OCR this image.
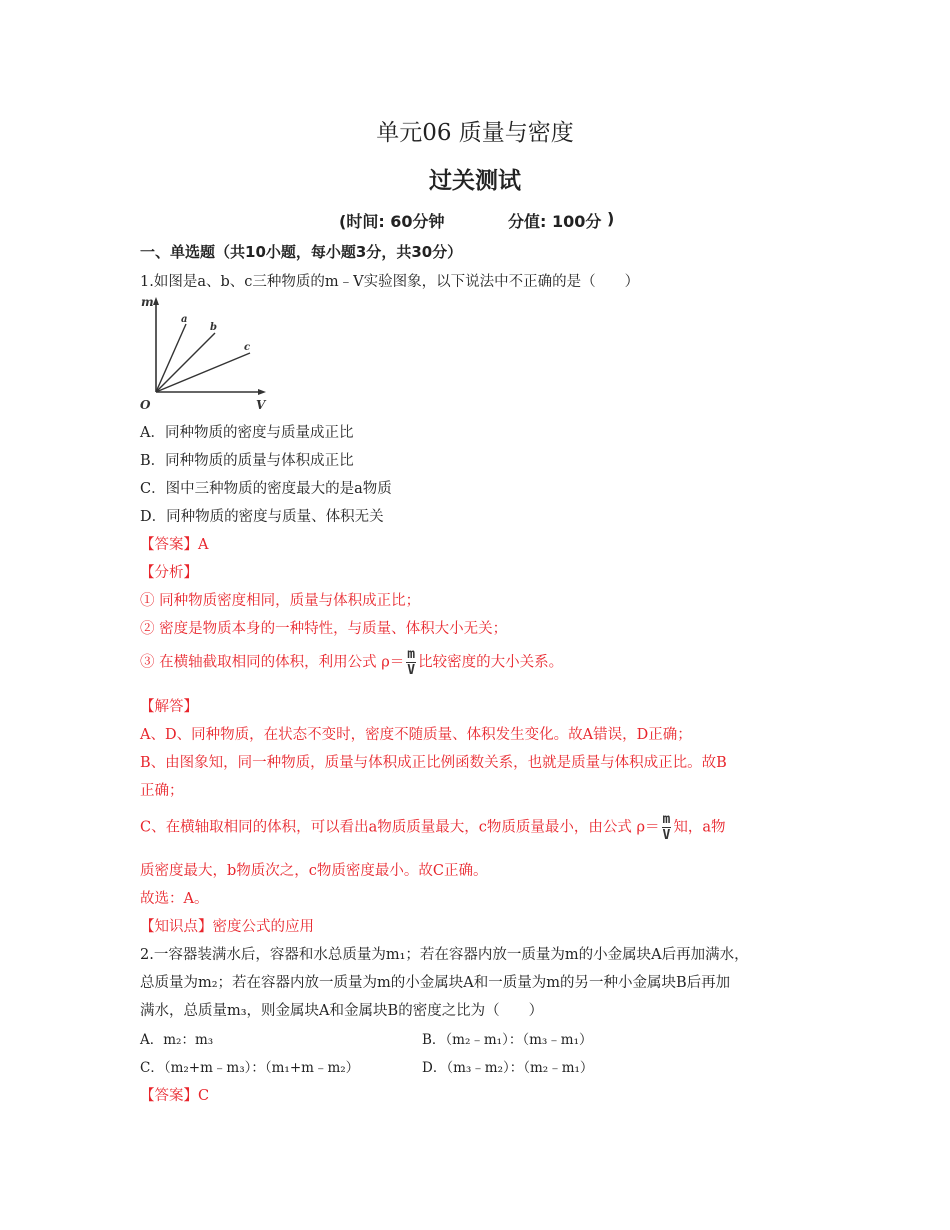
单元06 质量与密度
过关测试
(时间: 60分钟	分值: 100分 )
一、单选题（共10小题，每小题3分，共30分）
1.如图是a、b、c三种物质的m﹣V实验图象，以下说法中不正确的是（　　）
m
O	V
a
b
c
A．同种物质的密度与质量成正比
B．同种物质的质量与体积成正比
C．图中三种物质的密度最大的是a物质
D．同种物质的密度与质量、体积无关
【答案】A
【分析】
① 同种物质密度相同，质量与体积成正比；
② 密度是物质本身的一种特性，与质量、体积大小无关；
③ 在横轴截取相同的体积，利用公式 $\rho= \frac{m}{V}$ 比较密度的大小关系。
【解答】
A、D、同种物质，在状态不变时，密度不随质量、体积发生变化。故A错误，D正确；
B、由图象知，同一种物质，质量与体积成正比例函数关系，也就是质量与体积成正比。故B
正确；
C、在横轴取相同的体积，可以看出a物质质量最大，c物质质量最小，由公式 $\rho= \frac{m}{V}$ 知，a物
质密度最大，b物质次之，c物质密度最小。故C正确。
故选：A。
【知识点】密度公式的应用
2.一容器装满水后，容器和水总质量为m₁；若在容器内放一质量为m的小金属块A后再加满水，
总质量为m₂；若在容器内放一质量为m的小金属块A和一质量为m的另一种小金属块B后再加
满水，总质量m₃，则金属块A和金属块B的密度之比为（　　）
A．m₂：m₃	B．（m₂﹣m₁）：（m₃﹣m₁）
C．（m₂+m﹣m₃）：（m₁+m﹣m₂）	D．（m₃﹣m₂）：（m₂﹣m₁）
【答案】C
